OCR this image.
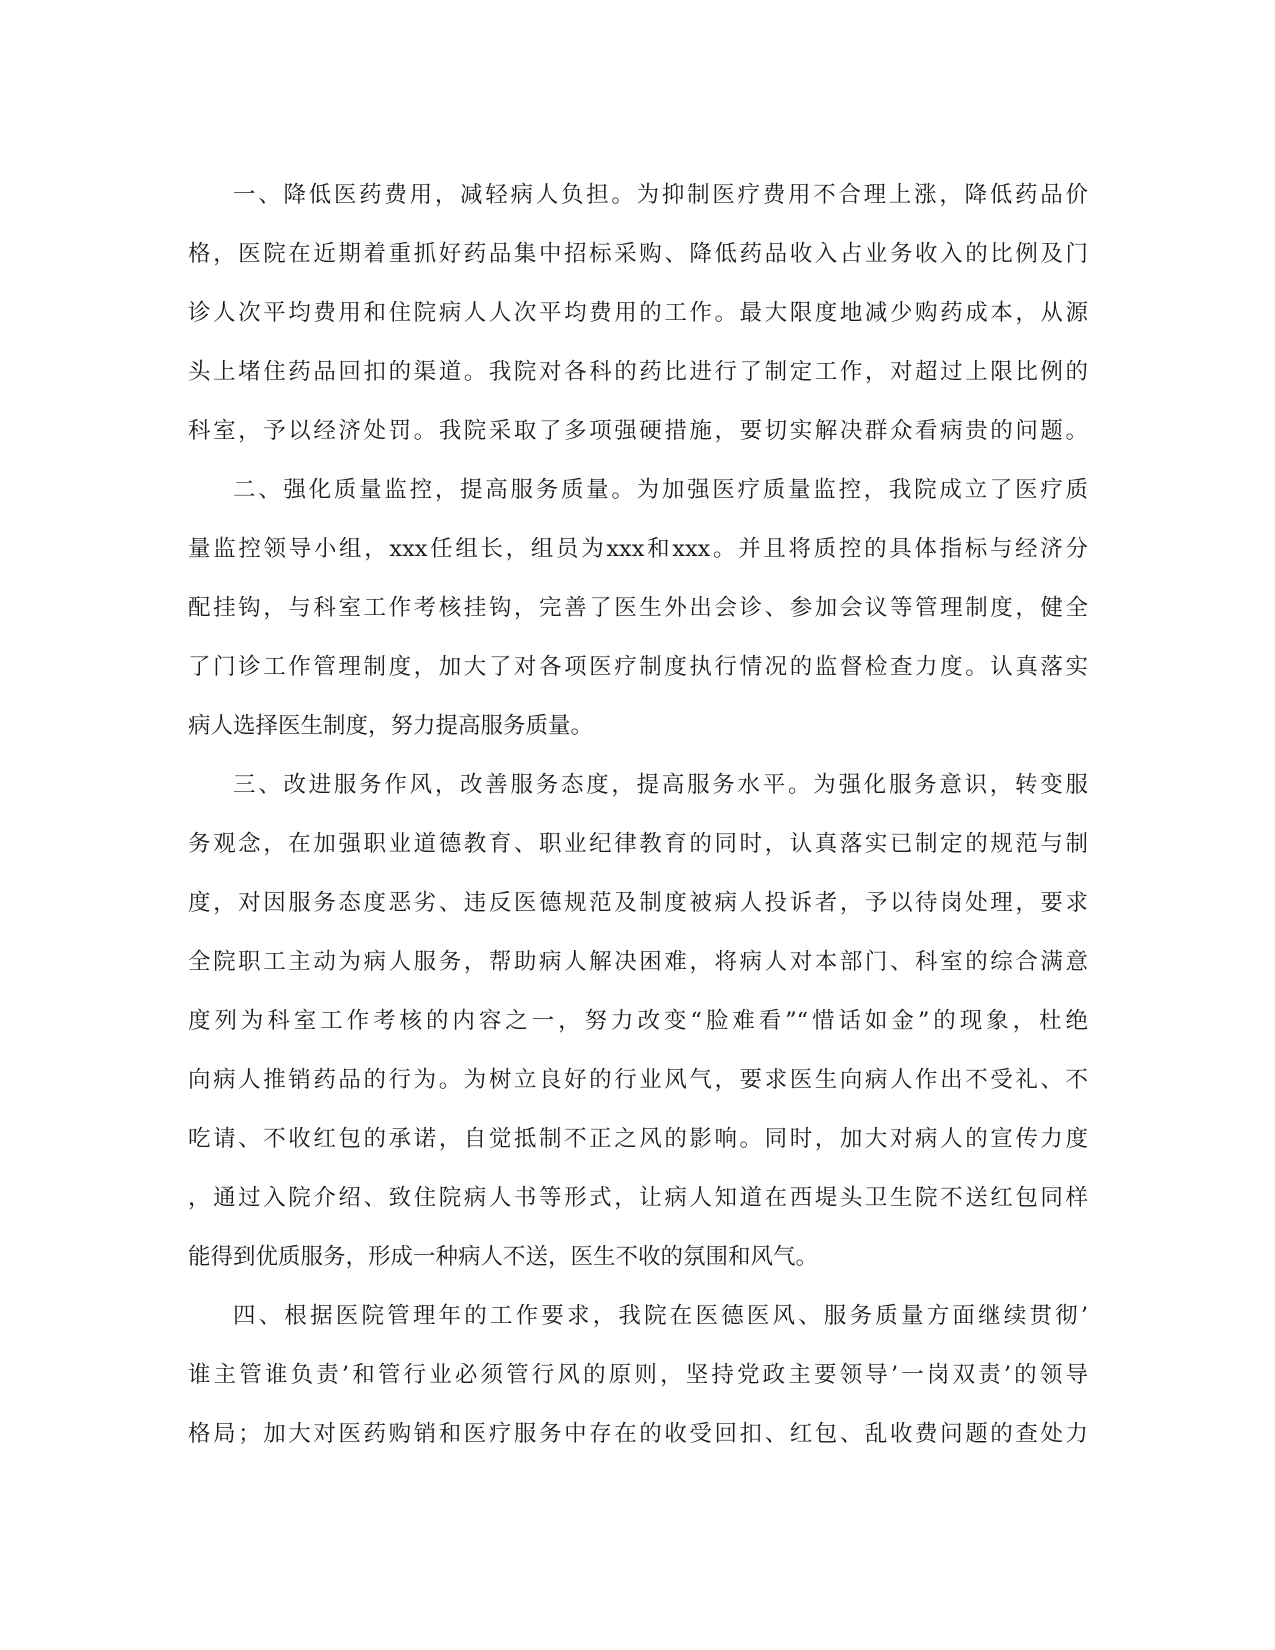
一、降低医药费用，减轻病人负担。为抑制医疗费用不合理上涨，降低药品价
格，医院在近期着重抓好药品集中招标采购、降低药品收入占业务收入的比例及门
诊人次平均费用和住院病人人次平均费用的工作。最大限度地减少购药成本，从源
头上堵住药品回扣的渠道。我院对各科的药比进行了制定工作，对超过上限比例的
科室，予以经济处罚。我院采取了多项强硬措施，要切实解决群众看病贵的问题。
二、强化质量监控，提高服务质量。为加强医疗质量监控，我院成立了医疗质
量监控领导小组，xxx任组长，组员为xxx和xxx。并且将质控的具体指标与经济分
配挂钩，与科室工作考核挂钩，完善了医生外出会诊、参加会议等管理制度，健全
了门诊工作管理制度，加大了对各项医疗制度执行情况的监督检查力度。认真落实
病人选择医生制度，努力提高服务质量。
三、改进服务作风，改善服务态度，提高服务水平。为强化服务意识，转变服
务观念，在加强职业道德教育、职业纪律教育的同时，认真落实已制定的规范与制
度，对因服务态度恶劣、违反医德规范及制度被病人投诉者，予以待岗处理，要求
全院职工主动为病人服务，帮助病人解决困难，将病人对本部门、科室的综合满意
度列为科室工作考核的内容之一，努力改变“脸难看”“惜话如金”的现象，杜绝
向病人推销药品的行为。为树立良好的行业风气，要求医生向病人作出不受礼、不
吃请、不收红包的承诺，自觉抵制不正之风的影响。同时，加大对病人的宣传力度
，通过入院介绍、致住院病人书等形式，让病人知道在西堤头卫生院不送红包同样
能得到优质服务，形成一种病人不送，医生不收的氛围和风气。
四、根据医院管理年的工作要求，我院在医德医风、服务质量方面继续贯彻’
谁主管谁负责’和管行业必须管行风的原则，坚持党政主要领导’一岗双责’的领导
格局；加大对医药购销和医疗服务中存在的收受回扣、红包、乱收费问题的查处力
